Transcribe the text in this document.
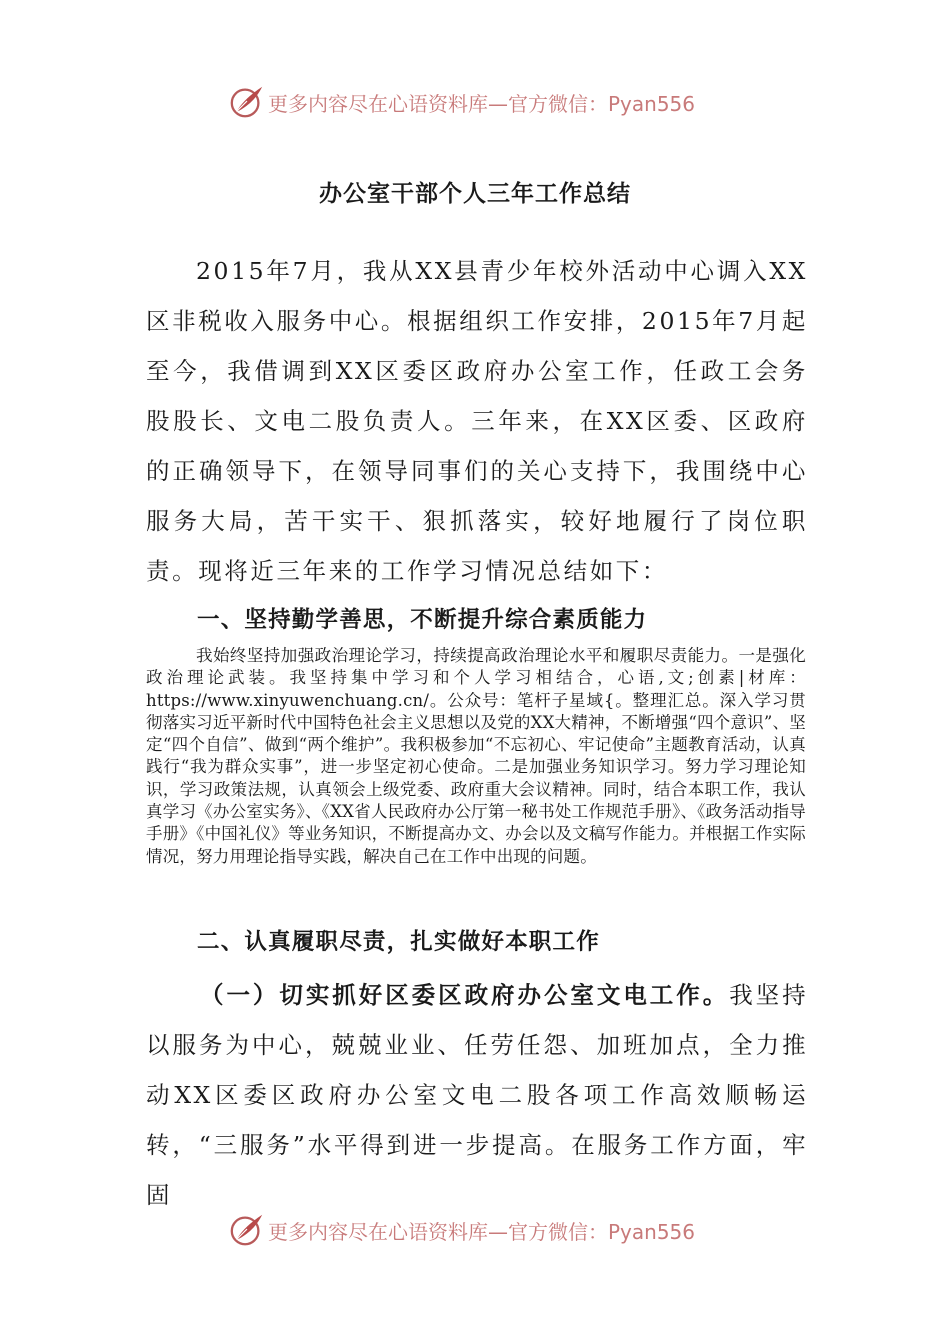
更多内容尽在心语资料库—官方微信：Pyan556
办公室干部个人三年工作总结

2015年7月，我从XX县青少年校外活动中心调入XX区非税收入服务中心。根据组织工作安排，2015年7月起至今，我借调到XX区委区政府办公室工作，任政工会务股股长、文电二股负责人。三年来，在XX区委、区政府的正确领导下，在领导同事们的关心支持下，我围绕中心服务大局，苦干实干、狠抓落实，较好地履行了岗位职责。现将近三年来的工作学习情况总结如下：

一、坚持勤学善思，不断提升综合素质能力

我始终坚持加强政治理论学习，持续提高政治理论水平和履职尽责能力。一是强化政治理论武装。我坚持集中学习和个人学习相结合，心语,文;创素|材库：https://www.xinyuwenchuang.cn/。公众号：笔杆子星域{。整理汇总。深入学习贯彻落实习近平新时代中国特色社会主义思想以及党的XX大精神，不断增强“四个意识”、坚定“四个自信”、做到“两个维护”。我积极参加“不忘初心、牢记使命”主题教育活动，认真践行“我为群众实事”，进一步坚定初心使命。二是加强业务知识学习。努力学习理论知识，学习政策法规，认真领会上级党委、政府重大会议精神。同时，结合本职工作，我认真学习《办公室实务》、《XX省人民政府办公厅第一秘书处工作规范手册》、《政务活动指导手册》《中国礼仪》等业务知识，不断提高办文、办会以及文稿写作能力。并根据工作实际情况，努力用理论指导实践，解决自己在工作中出现的问题。

二、认真履职尽责，扎实做好本职工作

（一）切实抓好区委区政府办公室文电工作。我坚持以服务为中心，兢兢业业、任劳任怨、加班加点，全力推动XX区委区政府办公室文电二股各项工作高效顺畅运转，“三服务”水平得到进一步提高。在服务工作方面，牢固

更多内容尽在心语资料库—官方微信：Pyan556
